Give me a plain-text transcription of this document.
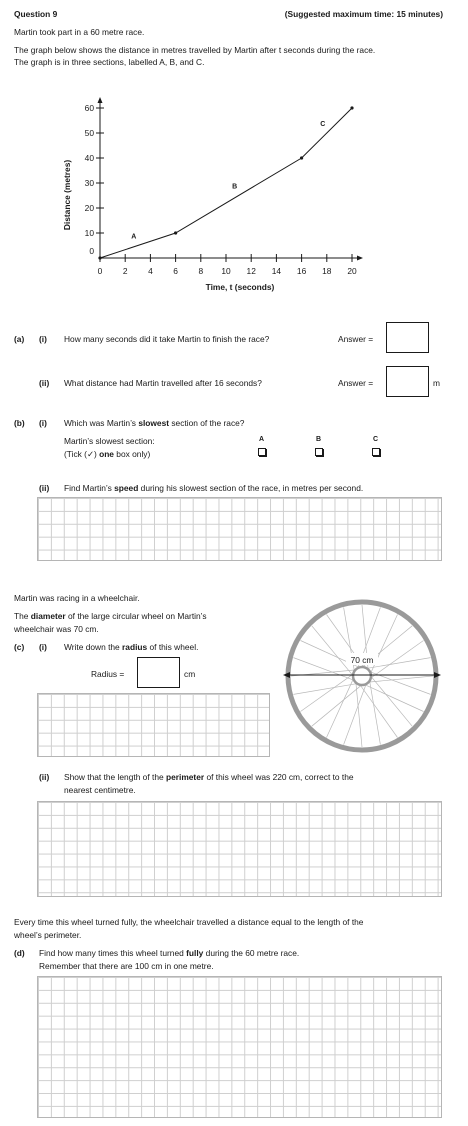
Question 9	(Suggested maximum time: 15 minutes)
Martin took part in a 60 metre race.
The graph below shows the distance in metres travelled by Martin after t seconds during the race.
The graph is in three sections, labelled A, B, and C.
0 2 4 6 8 10 12 14 16 18 20
0
10
20
30
40
50
60
A
B
C
Time, t (seconds)
Distance (metres)
(a) (i) How many seconds did it take Martin to finish the race?	Answer =
(ii) What distance had Martin travelled after 16 seconds?	Answer =	m
(b) (i) Which was Martin’s slowest section of the race?
Martin’s slowest section:
(Tick (✓) one box only)
A	B	C
(ii) Find Martin’s speed during his slowest section of the race, in metres per second.
Martin was racing in a wheelchair.
The diameter of the large circular wheel on Martin’s
wheelchair was 70 cm.
(c) (i) Write down the radius of this wheel.
Radius =	cm
70 cm
(ii) Show that the length of the perimeter of this wheel was 220 cm, correct to the
nearest centimetre.
Every time this wheel turned fully, the wheelchair travelled a distance equal to the length of the
wheel’s perimeter.
(d) Find how many times this wheel turned fully during the 60 metre race.
Remember that there are 100 cm in one metre.
